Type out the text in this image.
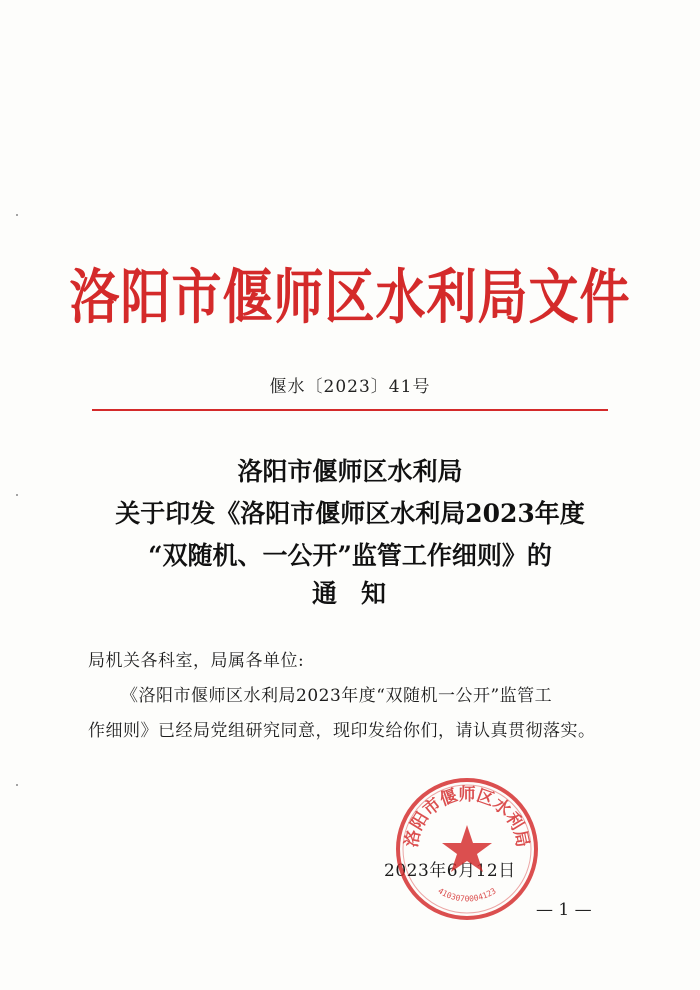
洛阳市偃师区水利局文件
偃水〔2023〕41号
洛阳市偃师区水利局
关于印发《洛阳市偃师区水利局2023年度
“双随机、一公开”监管工作细则》的
通知
局机关各科室，局属各单位:
《洛阳市偃师区水利局2023年度“双随机一公开”监管工
作细则》已经局党组研究同意，现印发给你们，请认真贯彻落实。
2023年6月12日
洛阳市偃师区水利局
4103070004123
— 1 —
